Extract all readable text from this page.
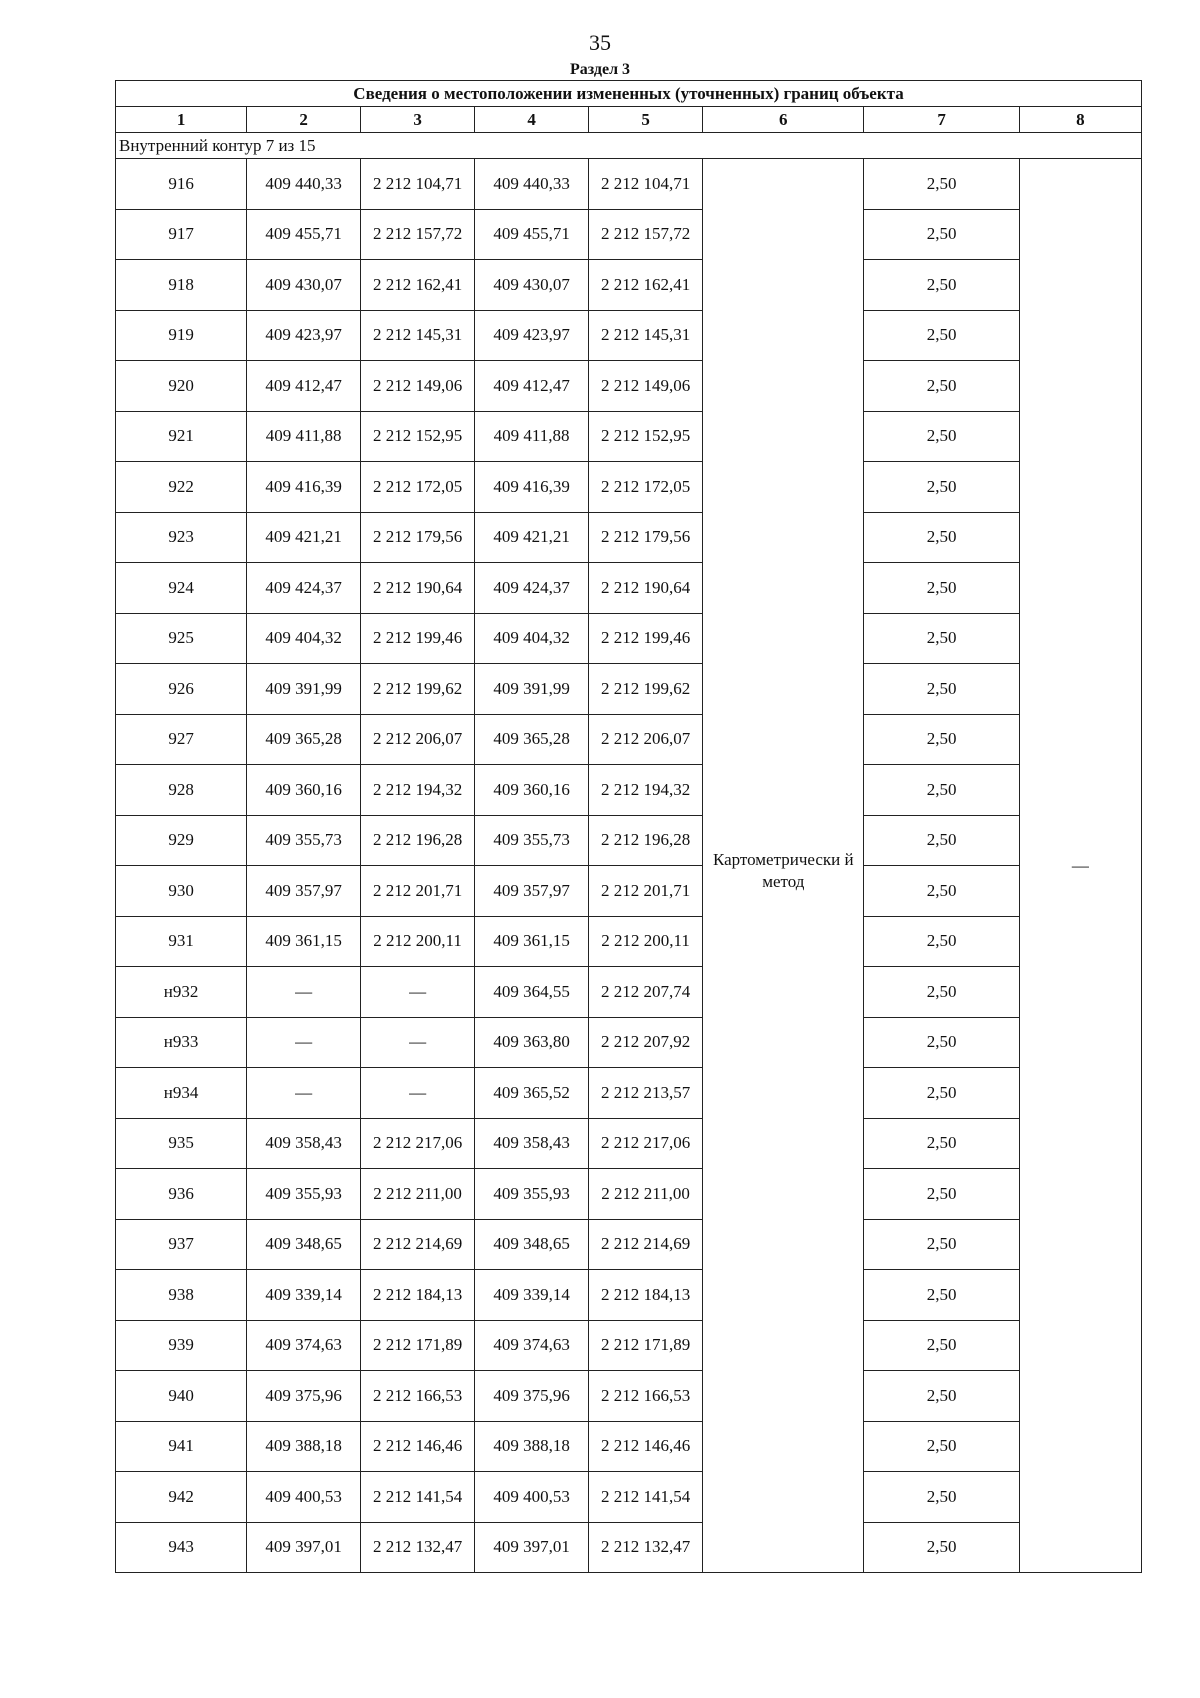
35
Раздел 3
Сведения о местоположении измененных (уточненных) границ объекта							
1	2	3	4	5	6	7	8
Внутренний контур 7 из 15							
916	409 440,33	2 212 104,71	409 440,33	2 212 104,71	Картометрически й метод	2,50	—
917	409 455,71	2 212 157,72	409 455,71	2 212 157,72		2,50	
918	409 430,07	2 212 162,41	409 430,07	2 212 162,41		2,50	
919	409 423,97	2 212 145,31	409 423,97	2 212 145,31		2,50	
920	409 412,47	2 212 149,06	409 412,47	2 212 149,06		2,50	
921	409 411,88	2 212 152,95	409 411,88	2 212 152,95		2,50	
922	409 416,39	2 212 172,05	409 416,39	2 212 172,05		2,50	
923	409 421,21	2 212 179,56	409 421,21	2 212 179,56		2,50	
924	409 424,37	2 212 190,64	409 424,37	2 212 190,64		2,50	
925	409 404,32	2 212 199,46	409 404,32	2 212 199,46		2,50	
926	409 391,99	2 212 199,62	409 391,99	2 212 199,62		2,50	
927	409 365,28	2 212 206,07	409 365,28	2 212 206,07		2,50	
928	409 360,16	2 212 194,32	409 360,16	2 212 194,32		2,50	
929	409 355,73	2 212 196,28	409 355,73	2 212 196,28		2,50	
930	409 357,97	2 212 201,71	409 357,97	2 212 201,71		2,50	
931	409 361,15	2 212 200,11	409 361,15	2 212 200,11		2,50	
н932	—	—	409 364,55	2 212 207,74		2,50	
н933	—	—	409 363,80	2 212 207,92		2,50	
н934	—	—	409 365,52	2 212 213,57		2,50	
935	409 358,43	2 212 217,06	409 358,43	2 212 217,06		2,50	
936	409 355,93	2 212 211,00	409 355,93	2 212 211,00		2,50	
937	409 348,65	2 212 214,69	409 348,65	2 212 214,69		2,50	
938	409 339,14	2 212 184,13	409 339,14	2 212 184,13		2,50	
939	409 374,63	2 212 171,89	409 374,63	2 212 171,89		2,50	
940	409 375,96	2 212 166,53	409 375,96	2 212 166,53		2,50	
941	409 388,18	2 212 146,46	409 388,18	2 212 146,46		2,50	
942	409 400,53	2 212 141,54	409 400,53	2 212 141,54		2,50	
943	409 397,01	2 212 132,47	409 397,01	2 212 132,47		2,50	
